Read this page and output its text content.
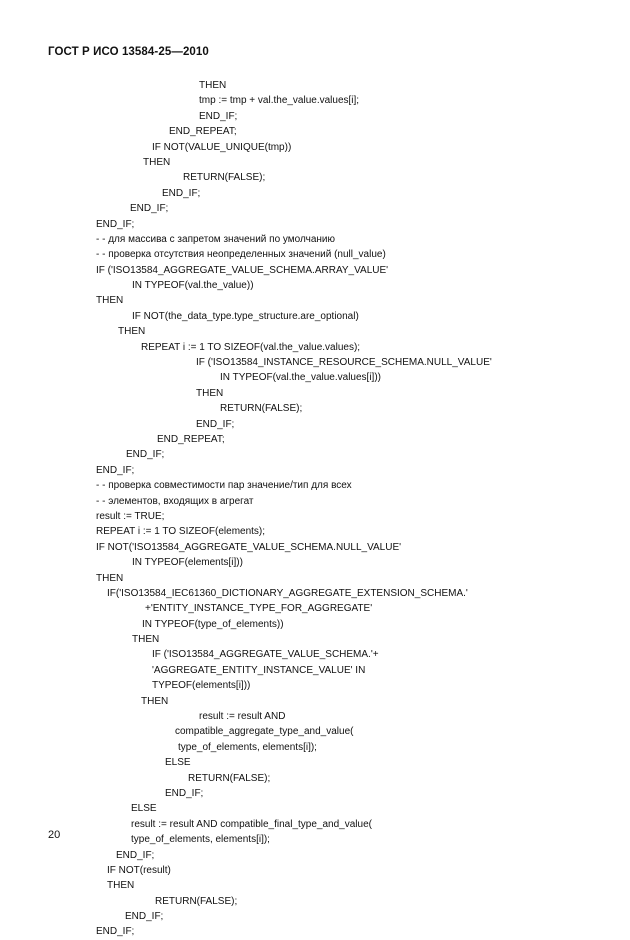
ГОСТ Р ИСО 13584-25—2010
THEN
tmp := tmp + val.the_value.values[i];
END_IF;
END_REPEAT;
IF NOT(VALUE_UNIQUE(tmp))
THEN
RETURN(FALSE);
END_IF;
END_IF;
END_IF;
- - для массива с запретом значений по умолчанию
- - проверка отсутствия неопределенных значений (null_value)
IF ('ISO13584_AGGREGATE_VALUE_SCHEMA.ARRAY_VALUE'
IN TYPEOF(val.the_value))
THEN
IF NOT(the_data_type.type_structure.are_optional)
THEN
REPEAT i := 1 TO SIZEOF(val.the_value.values);
IF ('ISO13584_INSTANCE_RESOURCE_SCHEMA.NULL_VALUE'
IN TYPEOF(val.the_value.values[i]))
THEN
RETURN(FALSE);
END_IF;
END_REPEAT;
END_IF;
END_IF;
- - проверка совместимости пар значение/тип для всех
- - элементов, входящих в агрегат
result := TRUE;
REPEAT i := 1 TO SIZEOF(elements);
IF NOT('ISO13584_AGGREGATE_VALUE_SCHEMA.NULL_VALUE'
IN TYPEOF(elements[i]))
THEN
IF('ISO13584_IEC61360_DICTIONARY_AGGREGATE_EXTENSION_SCHEMA.'
+'ENTITY_INSTANCE_TYPE_FOR_AGGREGATE'
IN TYPEOF(type_of_elements))
THEN
IF ('ISO13584_AGGREGATE_VALUE_SCHEMA.'+
'AGGREGATE_ENTITY_INSTANCE_VALUE' IN
TYPEOF(elements[i]))
THEN
result := result AND
compatible_aggregate_type_and_value(
type_of_elements, elements[i]);
ELSE
RETURN(FALSE);
END_IF;
ELSE
result := result AND compatible_final_type_and_value(
type_of_elements, elements[i]);
END_IF;
IF NOT(result)
THEN
RETURN(FALSE);
END_IF;
END_IF;
20
